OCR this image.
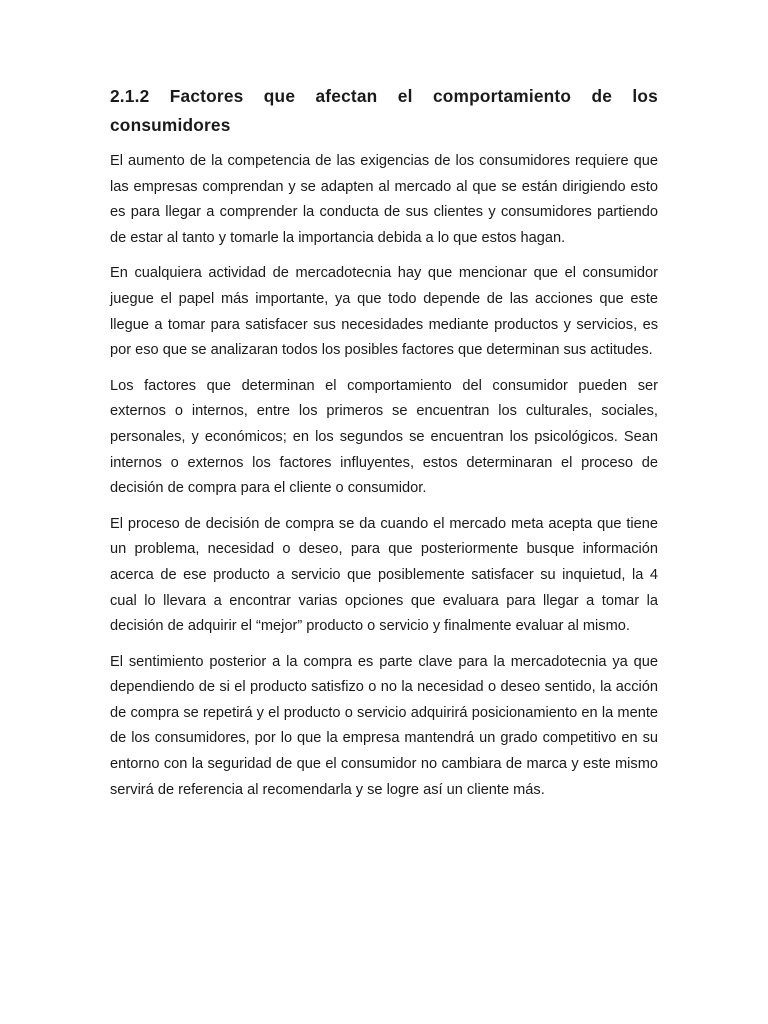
2.1.2 Factores que afectan el comportamiento de los consumidores

El aumento de la competencia de las exigencias de los consumidores requiere que las empresas comprendan y se adapten al mercado al que se están dirigiendo esto es para llegar a comprender la conducta de sus clientes y consumidores partiendo de estar al tanto y tomarle la importancia debida a lo que estos hagan.

En cualquiera actividad de mercadotecnia hay que mencionar que el consumidor juegue el papel más importante, ya que todo depende de las acciones que este llegue a tomar para satisfacer sus necesidades mediante productos y servicios, es por eso que se analizaran todos los posibles factores que determinan sus actitudes.

Los factores que determinan el comportamiento del consumidor pueden ser externos o internos, entre los primeros se encuentran los culturales, sociales, personales, y económicos; en los segundos se encuentran los psicológicos. Sean internos o externos los factores influyentes, estos determinaran el proceso de decisión de compra para el cliente o consumidor.

El proceso de decisión de compra se da cuando el mercado meta acepta que tiene un problema, necesidad o deseo, para que posteriormente busque información acerca de ese producto a servicio que posiblemente satisfacer su inquietud, la 4 cual lo llevara a encontrar varias opciones que evaluara para llegar a tomar la decisión de adquirir el “mejor” producto o servicio y finalmente evaluar al mismo.

El sentimiento posterior a la compra es parte clave para la mercadotecnia ya que dependiendo de si el producto satisfizo o no la necesidad o deseo sentido, la acción de compra se repetirá y el producto o servicio adquirirá posicionamiento en la mente de los consumidores, por lo que la empresa mantendrá un grado competitivo en su entorno con la seguridad de que el consumidor no cambiara de marca y este mismo servirá de referencia al recomendarla y se logre así un cliente más.
